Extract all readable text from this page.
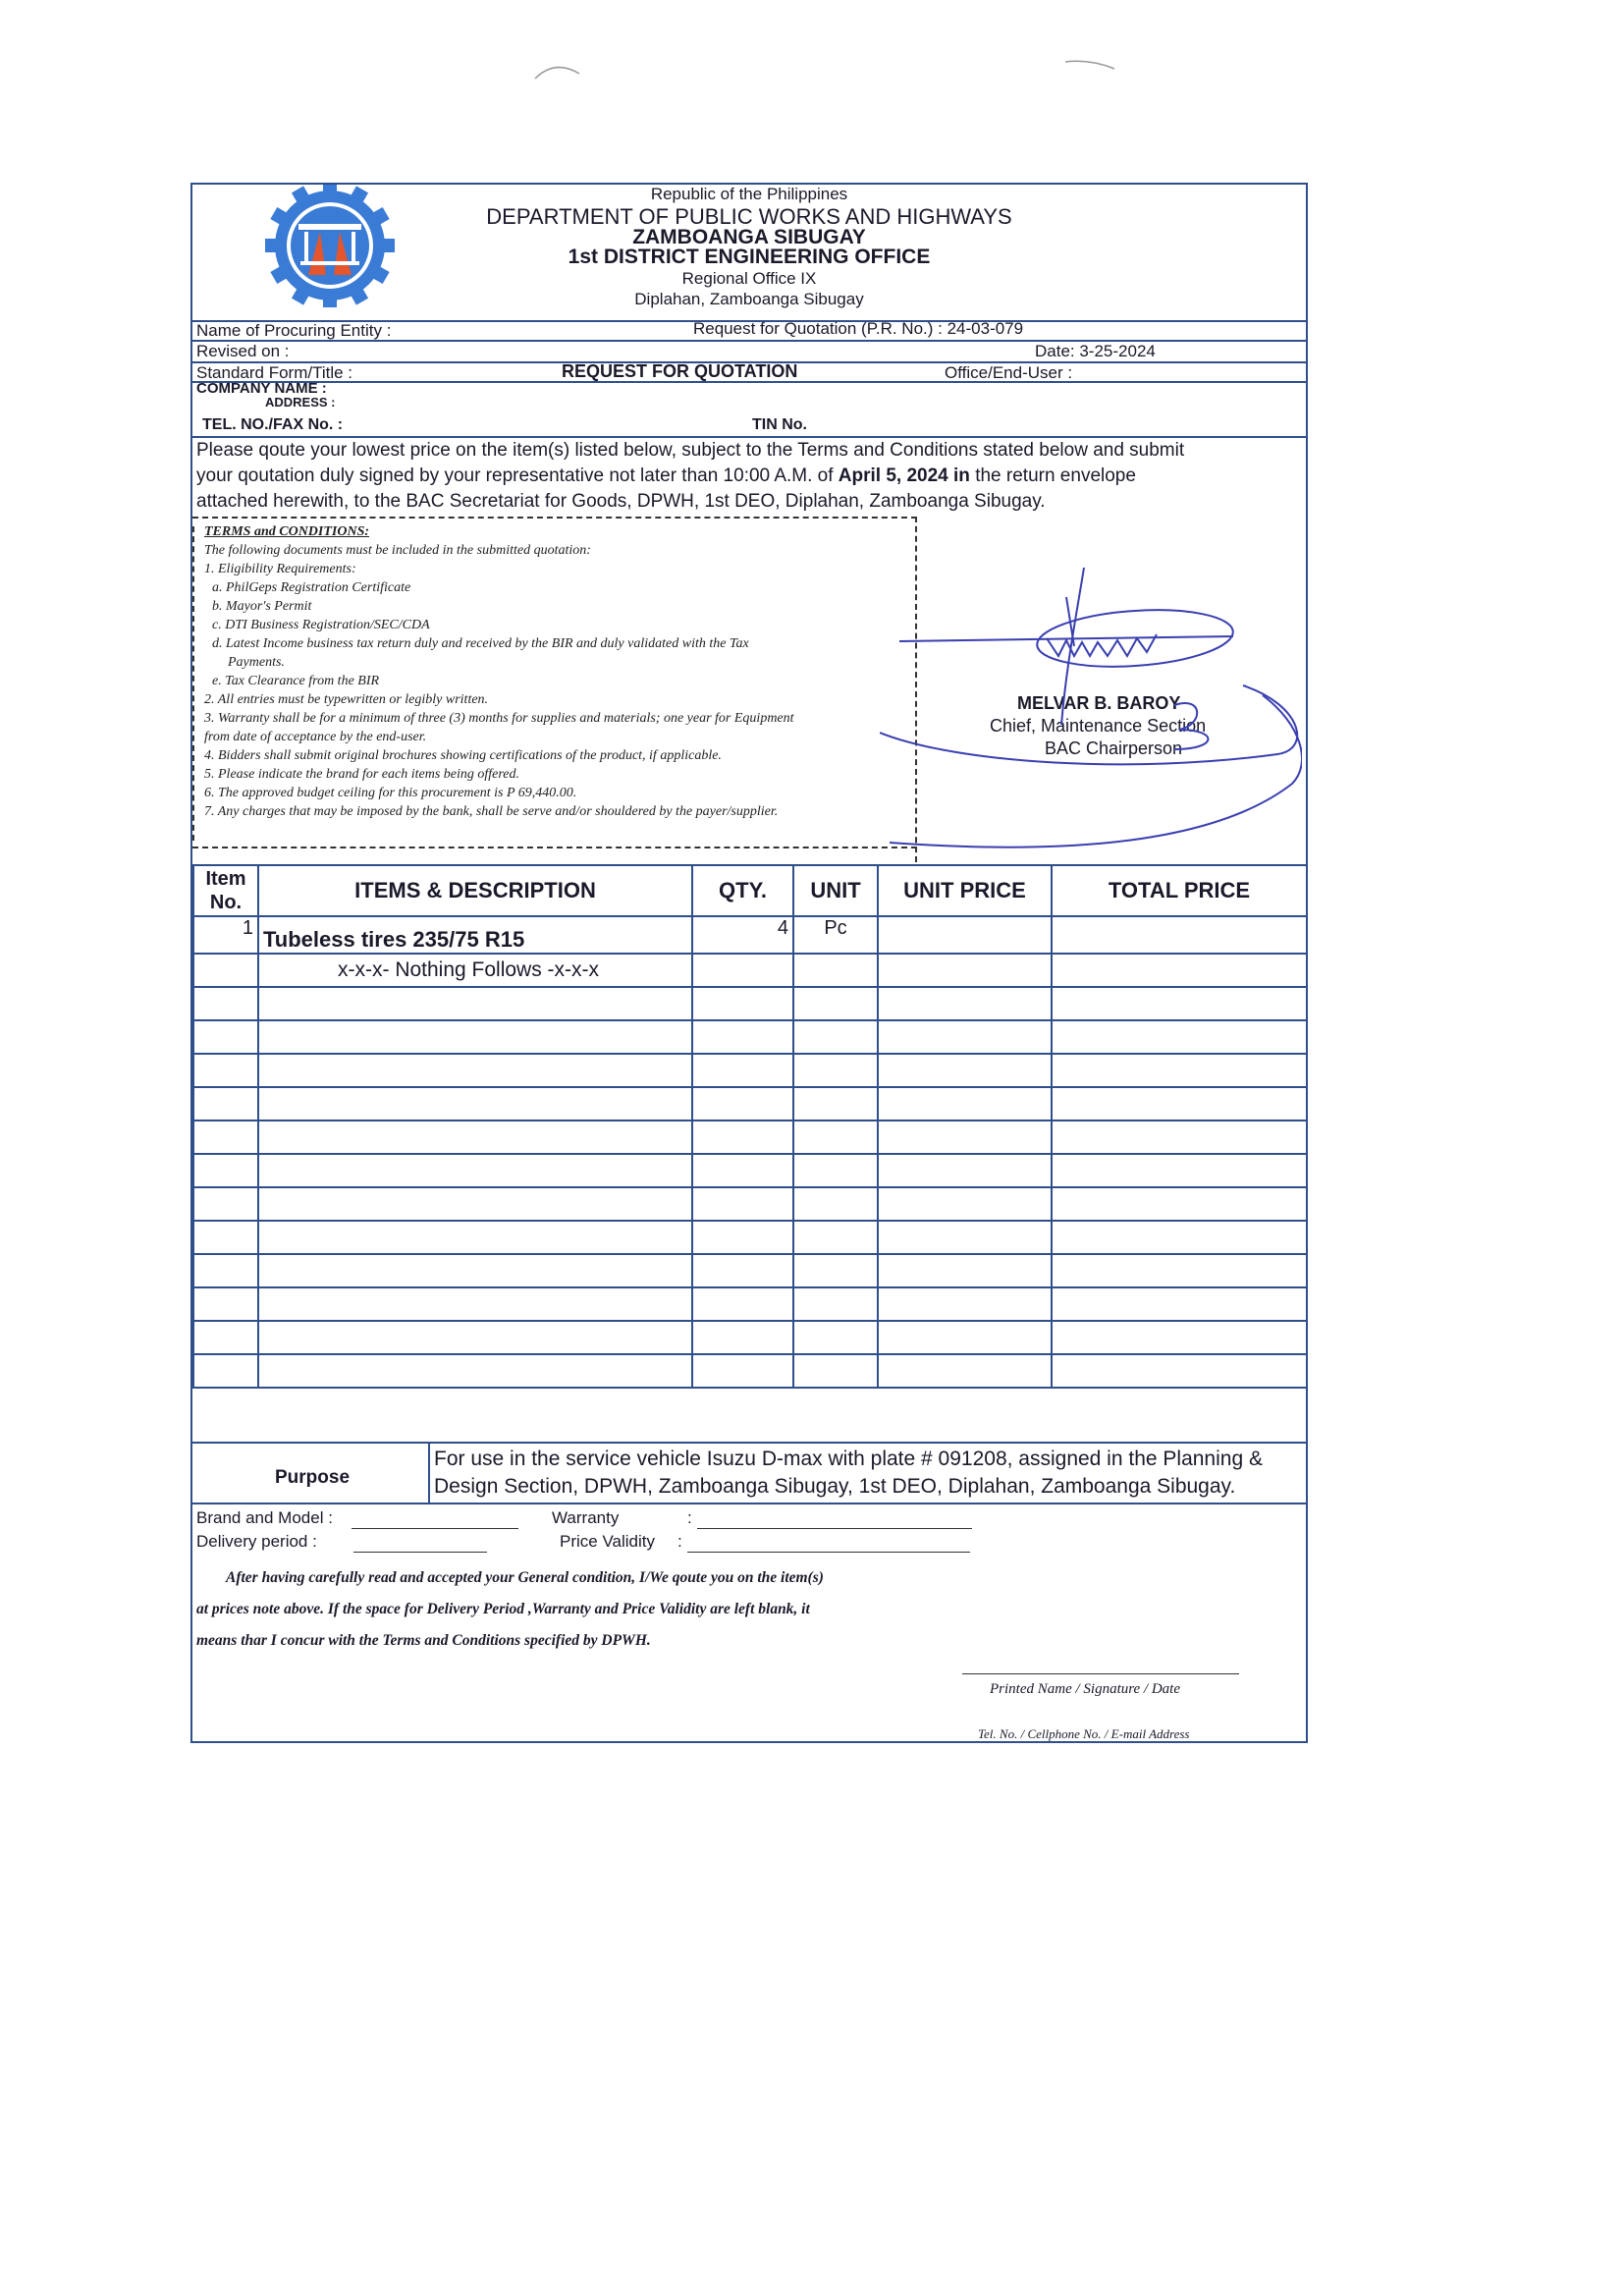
Republic of the Philippines
DEPARTMENT OF PUBLIC WORKS AND HIGHWAYS
ZAMBOANGA SIBUGAY
1st DISTRICT ENGINEERING OFFICE
Regional Office IX
Diplahan, Zamboanga Sibugay
Name of Procuring Entity :	Request for Quotation (P.R. No.) : 24-03-079
Revised on :	Date: 3-25-2024
Standard Form/Title :	REQUEST FOR QUOTATION	Office/End-User :
COMPANY NAME :
ADDRESS :
TEL. NO./FAX No. :	TIN No.
Please qoute your lowest price on the item(s) listed below, subject to the Terms and Conditions stated below and submit
your qoutation duly signed by your representative not later than 10:00 A.M. of April 5, 2024 in the return envelope
attached herewith, to the BAC Secretariat for Goods, DPWH, 1st DEO, Diplahan, Zamboanga Sibugay.
TERMS and CONDITIONS:
The following documents must be included in the submitted quotation:
1. Eligibility Requirements:
a. PhilGeps Registration Certificate
b. Mayor's Permit
c. DTI Business Registration/SEC/CDA
d. Latest Income business tax return duly and received by the BIR and duly validated with the Tax
Payments.
e. Tax Clearance from the BIR
2. All entries must be typewritten or legibly written.
3. Warranty shall be for a minimum of three (3) months for supplies and materials; one year for Equipment
from date of acceptance by the end-user.
4. Bidders shall submit original brochures showing certifications of the product, if applicable.
5. Please indicate the brand for each items being offered.
6. The approved budget ceiling for this procurement is P 69,440.00.
7. Any charges that may be imposed by the bank, shall be serve and/or shouldered by the payer/supplier.
MELVAR B. BAROY
Chief, Maintenance Section
BAC Chairperson
Item
No.	ITEMS & DESCRIPTION	QTY.	UNIT	UNIT PRICE	TOTAL PRICE
1	Tubeless tires 235/75 R15	4	Pc		
	x-x-x- Nothing Follows -x-x-x				

Purpose
For use in the service vehicle Isuzu D-max with plate # 091208, assigned in the Planning &
Design Section, DPWH, Zamboanga Sibugay, 1st DEO, Diplahan, Zamboanga Sibugay.
Brand and Model :	Warranty	:
Delivery period :	Price Validity :
After having carefully read and accepted your General condition, I/We qoute you on the item(s)
at prices note above. If the space for Delivery Period ,Warranty and Price Validity are left blank, it
means thar I concur with the Terms and Conditions specified by DPWH.
Printed Name / Signature / Date
Tel. No. / Cellphone No. / E-mail Address
